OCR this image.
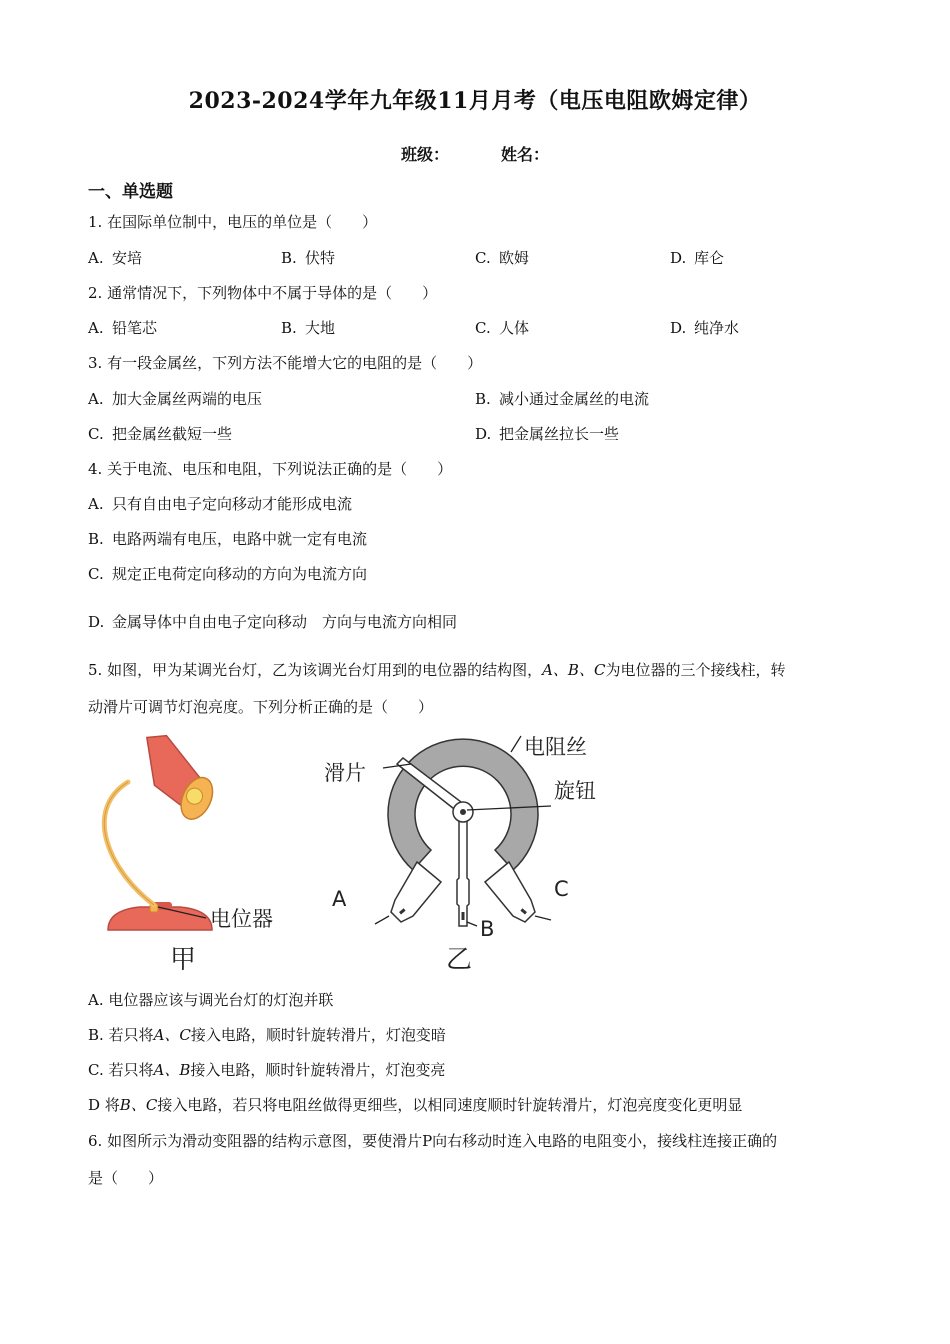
2023-2024学年九年级11月月考（电压电阻欧姆定律）
班级：	姓名：
一、单选题
1. 在国际单位制中，电压的单位是（　　）
A. 安培	B. 伏特	C. 欧姆	D. 库仑
2. 通常情况下，下列物体中不属于导体的是（　　）
A. 铅笔芯	B. 大地	C. 人体	D. 纯净水
3. 有一段金属丝，下列方法不能增大它的电阻的是（　　）
A. 加大金属丝两端的电压	B. 减小通过金属丝的电流
C. 把金属丝截短一些	D. 把金属丝拉长一些
4. 关于电流、电压和电阻，下列说法正确的是（　　）
A. 只有自由电子定向移动才能形成电流
B. 电路两端有电压，电路中就一定有电流
C. 规定正电荷定向移动的方向为电流方向
D. 金属导体中自由电子定向移动　方向与电流方向相同
5. 如图，甲为某调光台灯，乙为该调光台灯用到的电位器的结构图，A、B、C为电位器的三个接线柱，转
动滑片可调节灯泡亮度。下列分析正确的是（　　）
电位器
甲
滑片
电阻丝
旋钮
A
B
C
乙
A. 电位器应该与调光台灯的灯泡并联
B. 若只将A、C接入电路，顺时针旋转滑片，灯泡变暗
C. 若只将A、B接入电路，顺时针旋转滑片，灯泡变亮
D 将B、C接入电路，若只将电阻丝做得更细些，以相同速度顺时针旋转滑片，灯泡亮度变化更明显
6. 如图所示为滑动变阻器的结构示意图，要使滑片P向右移动时连入电路的电阻变小，接线柱连接正确的
是（　　）
